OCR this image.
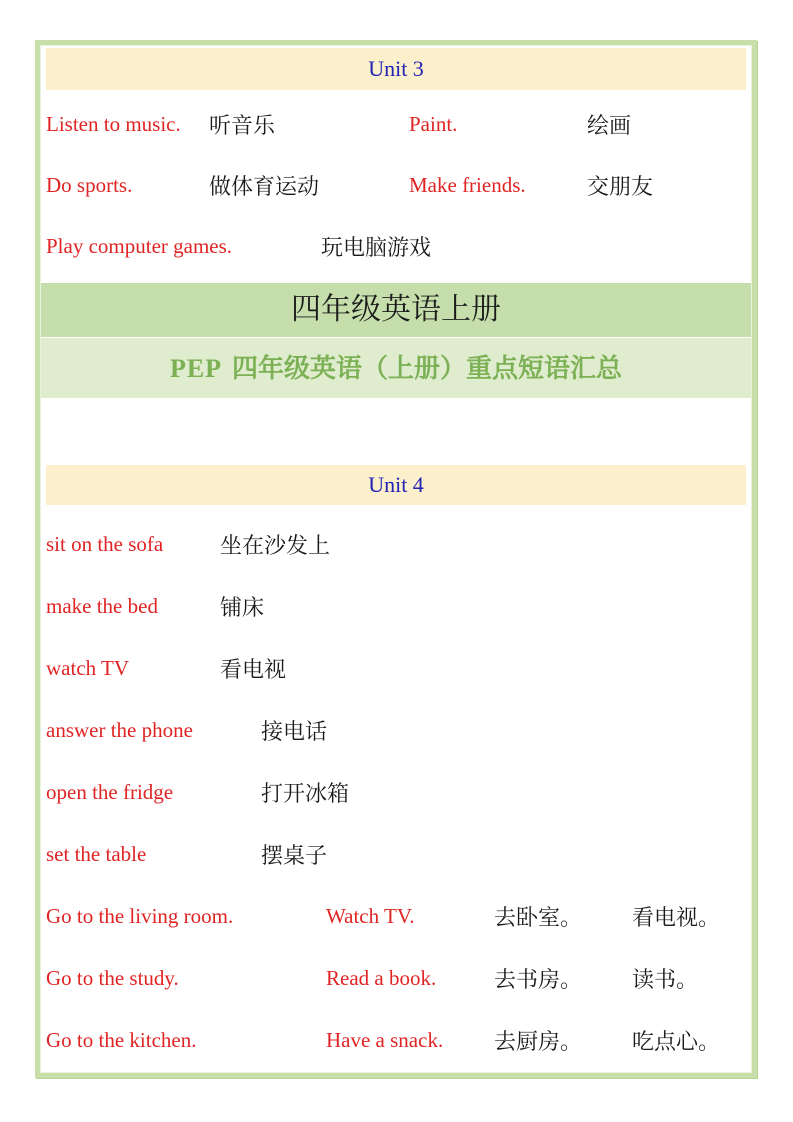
Unit 3
Listen to music.	听音乐	Paint.	绘画
Do sports.	做体育运动	Make friends.	交朋友
Play computer games.	玩电脑游戏
四年级英语上册
PEP 四年级英语（上册）重点短语汇总
Unit 4
sit on the sofa	坐在沙发上
make the bed	铺床
watch TV	看电视
answer the phone	接电话
open the fridge	打开冰箱
set the table	摆桌子
Go to the living room.	Watch TV.	去卧室。	看电视。
Go to the study.	Read a book.	去书房。	读书。
Go to the kitchen.	Have a snack.	去厨房。	吃点心。
